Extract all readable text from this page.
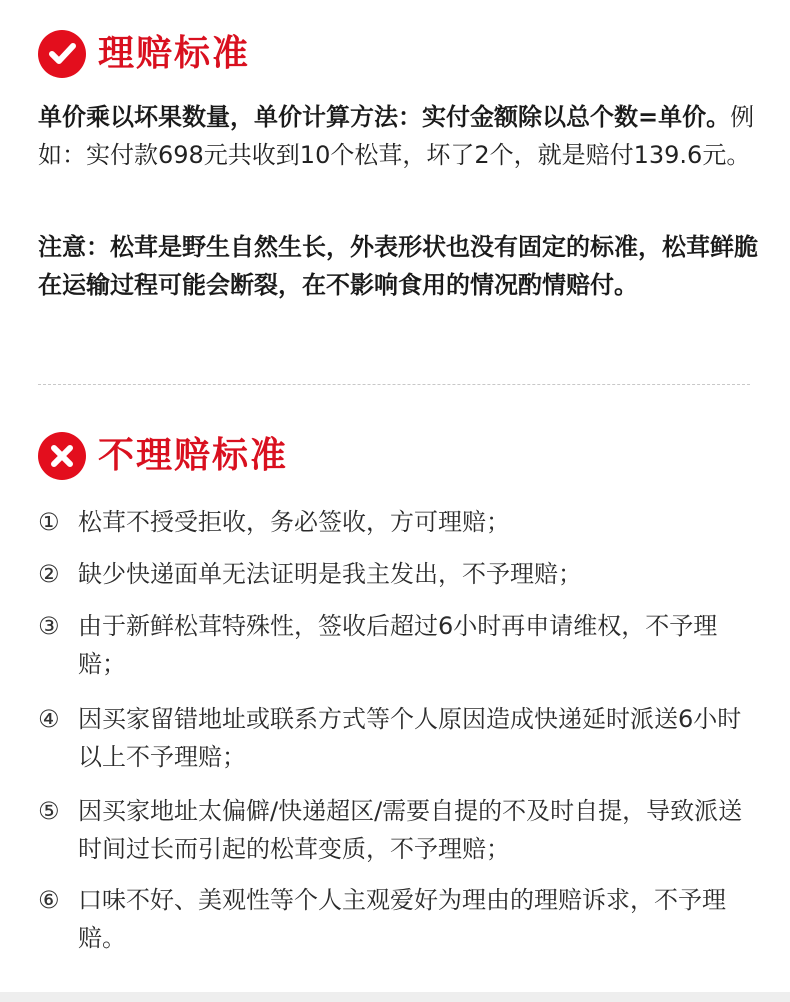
理赔标准
单价乘以坏果数量，单价计算方法：实付金额除以总个数=单价。例如：实付款698元共收到10个松茸，坏了2个，就是赔付139.6元。
注意：松茸是野生自然生长，外表形状也没有固定的标准，松茸鲜脆在运输过程可能会断裂，在不影响食用的情况酌情赔付。
不理赔标准
① 松茸不授受拒收，务必签收，方可理赔；
② 缺少快递面单无法证明是我主发出，不予理赔；
③ 由于新鲜松茸特殊性，签收后超过6小时再申请维权，不予理赔；
④ 因买家留错地址或联系方式等个人原因造成快递延时派送6小时以上不予理赔；
⑤ 因买家地址太偏僻/快递超区/需要自提的不及时自提，导致派送时间过长而引起的松茸变质，不予理赔；
⑥ 口味不好、美观性等个人主观爱好为理由的理赔诉求，不予理赔。
